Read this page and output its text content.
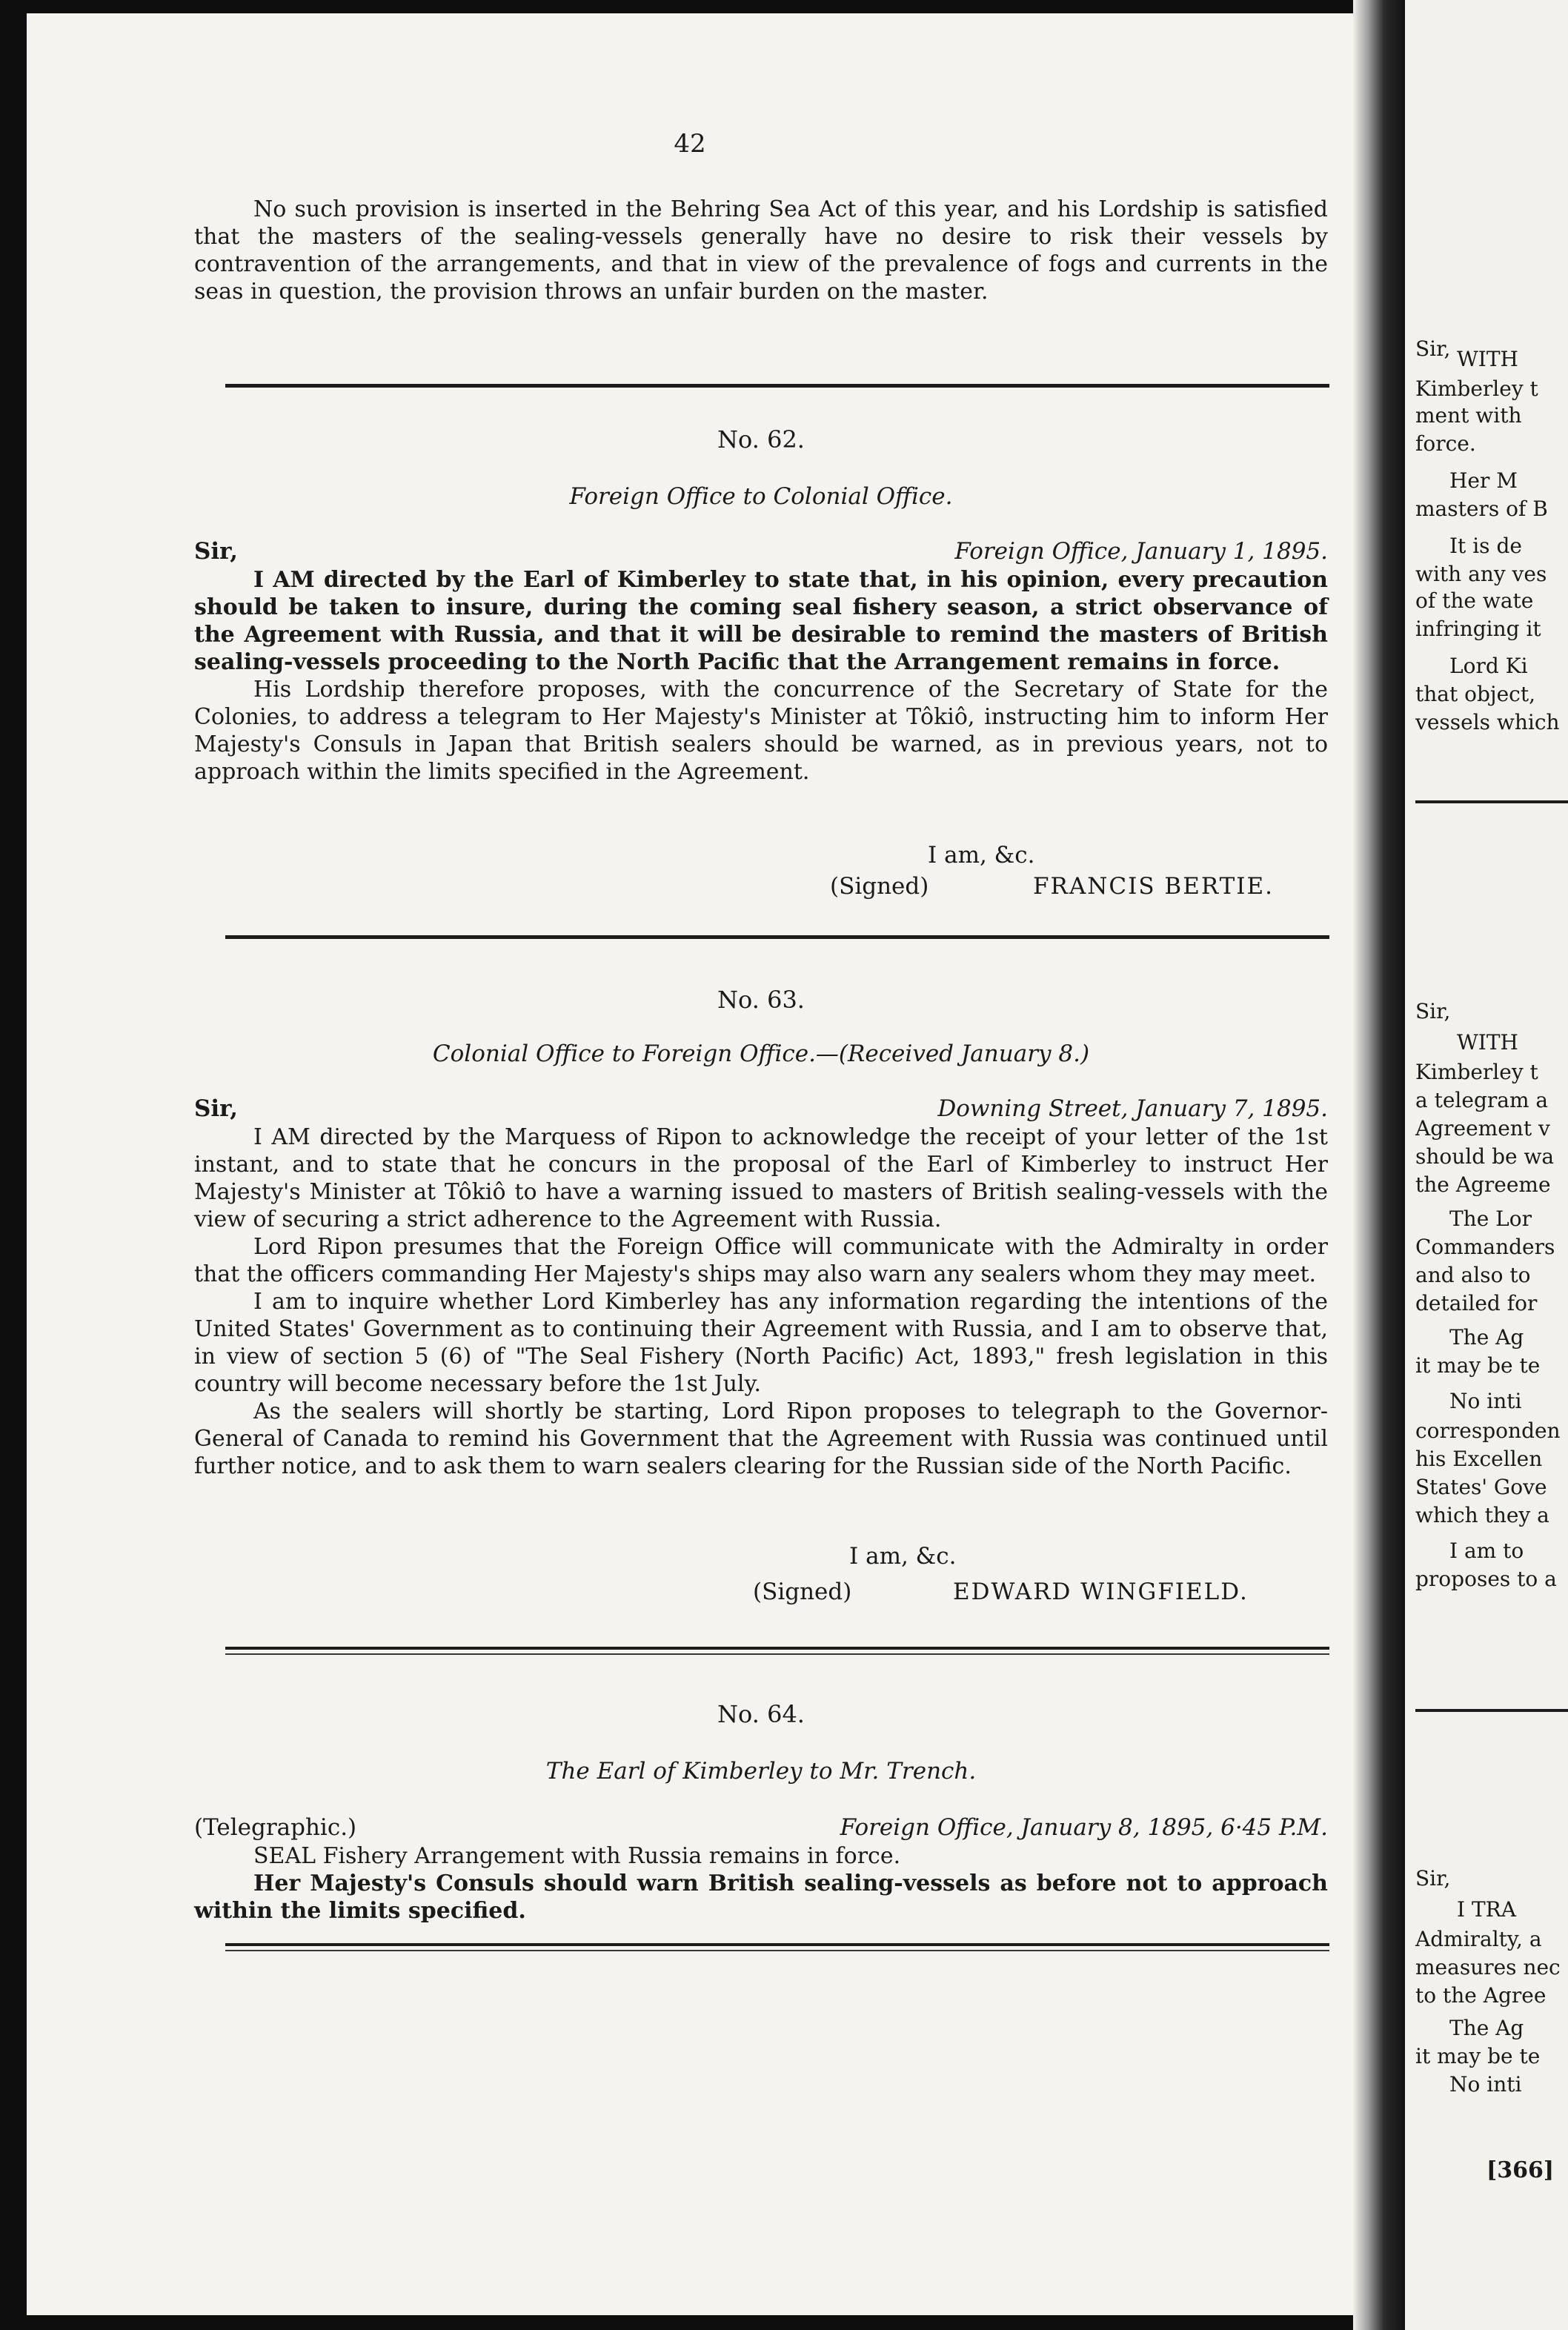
42

No such provision is inserted in the Behring Sea Act of this year, and his Lordship is satisfied that the masters of the sealing-vessels generally have no desire to risk their vessels by contravention of the arrangements, and that in view of the prevalence of fogs and currents in the seas in question, the provision throws an unfair burden on the master.

No. 62.
Foreign Office to Colonial Office.
Sir,	Foreign Office, January 1, 1895.

I AM directed by the Earl of Kimberley to state that, in his opinion, every precaution should be taken to insure, during the coming seal fishery season, a strict observance of the Agreement with Russia, and that it will be desirable to remind the masters of British sealing-vessels proceeding to the North Pacific that the Arrangement remains in force.

His Lordship therefore proposes, with the concurrence of the Secretary of State for the Colonies, to address a telegram to Her Majesty's Minister at Tôkiô, instructing him to inform Her Majesty's Consuls in Japan that British sealers should be warned, as in previous years, not to approach within the limits specified in the Agreement.

I am, &c.
(Signed)	FRANCIS BERTIE.
No. 63.
Colonial Office to Foreign Office.—(Received January 8.)
Sir,	Downing Street, January 7, 1895.

I AM directed by the Marquess of Ripon to acknowledge the receipt of your letter of the 1st instant, and to state that he concurs in the proposal of the Earl of Kimberley to instruct Her Majesty's Minister at Tôkiô to have a warning issued to masters of British sealing-vessels with the view of securing a strict adherence to the Agreement with Russia.

Lord Ripon presumes that the Foreign Office will communicate with the Admiralty in order that the officers commanding Her Majesty's ships may also warn any sealers whom they may meet.

I am to inquire whether Lord Kimberley has any information regarding the intentions of the United States' Government as to continuing their Agreement with Russia, and I am to observe that, in view of section 5 (6) of "The Seal Fishery (North Pacific) Act, 1893," fresh legislation in this country will become necessary before the 1st July.

As the sealers will shortly be starting, Lord Ripon proposes to telegraph to the Governor-General of Canada to remind his Government that the Agreement with Russia was continued until further notice, and to ask them to warn sealers clearing for the Russian side of the North Pacific.

I am, &c.
(Signed)	EDWARD WINGFIELD.
No. 64.
The Earl of Kimberley to Mr. Trench.
(Telegraphic.)	Foreign Office, January 8, 1895, 6·45 P.M.

SEAL Fishery Arrangement with Russia remains in force.

Her Majesty's Consuls should warn British sealing-vessels as before not to approach within the limits specified.

Sir, WITH
Kimberley t
ment with
force.
Her M
masters of B
It is de
with any ves
of the wate
infringing it
Lord Ki
that object,
vessels which
Sir,
WITH
Kimberley t
a telegram a
Agreement v
should be wa
the Agreeme
The Lor
Commanders
and also to
detailed for
The Ag
it may be te
No inti
corresponden
his Excellen
States' Gove
which they a
I am to
proposes to a
Sir,
I TRA
Admiralty, a
measures nec
to the Agree
The Ag
it may be te
No inti
[366]
